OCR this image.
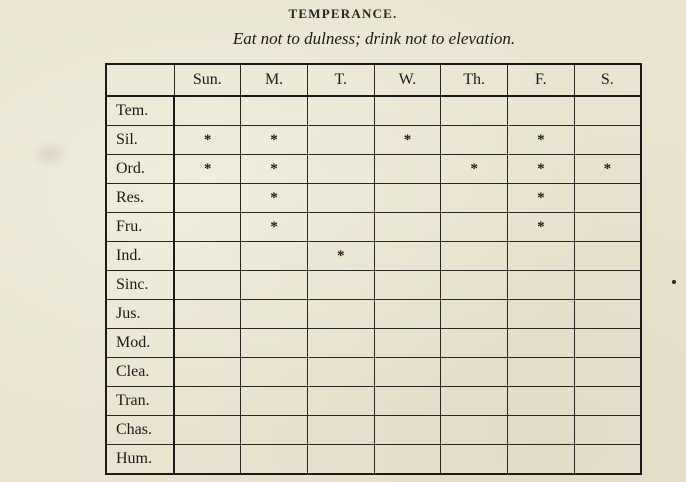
TEMPERANCE.
Eat not to dulness; drink not to elevation.
	Sun.	M.	T.	W.	Th.	F.	S.
Tem.							
Sil.	*	*		*		*	
Ord.	*	*			*	*	*
Res.		*				*	
Fru.		*				*	
Ind.			*				
Sinc.							
Jus.							
Mod.							
Clea.							
Tran.							
Chas.							
Hum.							
